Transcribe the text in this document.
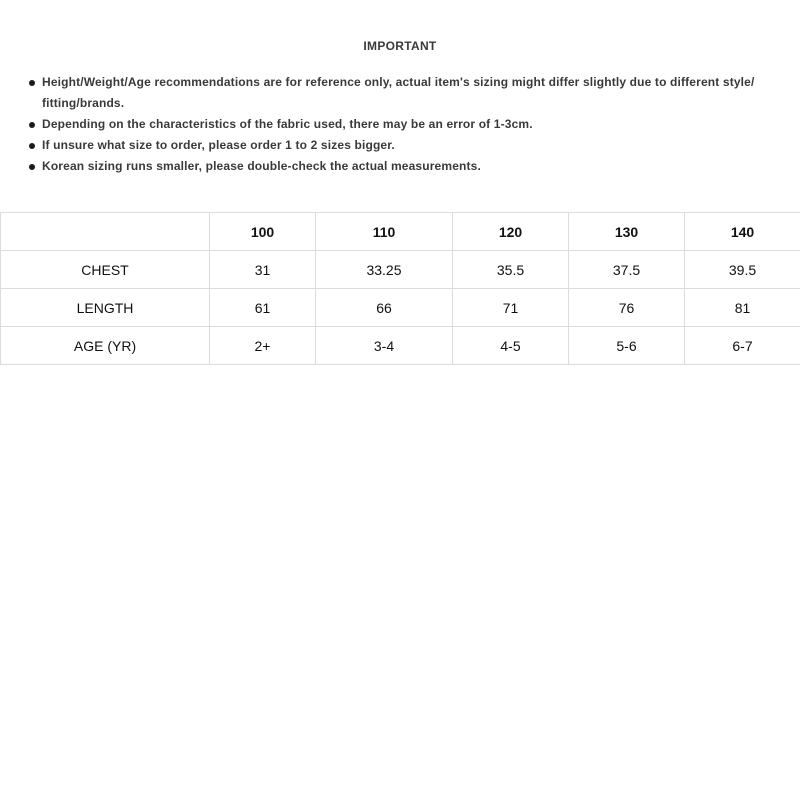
IMPORTANT
Height/Weight/Age recommendations are for reference only, actual item's sizing might differ slightly due to different style/ fitting/brands.
Depending on the characteristics of the fabric used, there may be an error of 1-3cm.
If unsure what size to order, please order 1 to 2 sizes bigger.
Korean sizing runs smaller, please double-check the actual measurements.
	100	110	120	130	140
CHEST	31	33.25	35.5	37.5	39.5
LENGTH	61	66	71	76	81
AGE (YR)	2+	3-4	4-5	5-6	6-7
